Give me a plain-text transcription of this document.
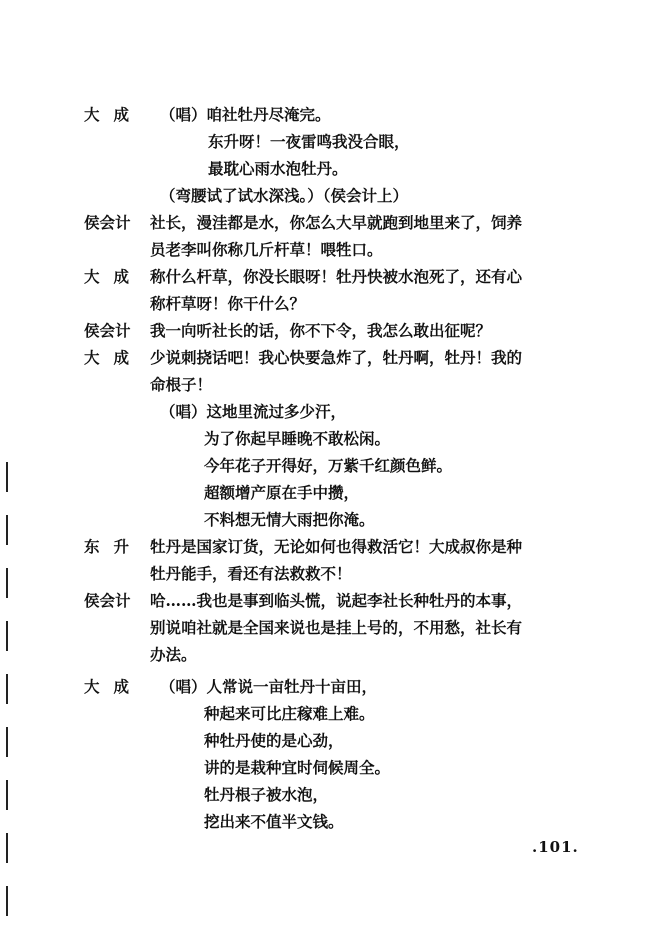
大成 （唱）咱社牡丹尽淹完。
东升呀！一夜雷鸣我没合眼，
最耽心雨水泡牡丹。
（弯腰试了试水深浅。）（侯会计上）
侯会计 社长，漫洼都是水，你怎么大早就跑到地里来了，饲养
员老李叫你称几斤杆草！喂牲口。
大成 称什么杆草，你没长眼呀！牡丹快被水泡死了，还有心
称杆草呀！你干什么？
侯会计 我一向听社长的话，你不下令，我怎么敢出征呢？
大成 少说刺挠话吧！我心快要急炸了，牡丹啊，牡丹！我的
命根子！
（唱）这地里流过多少汗，
为了你起早睡晚不敢松闲。
今年花子开得好，万紫千红颜色鲜。
超额增产原在手中攒，
不料想无情大雨把你淹。
东升 牡丹是国家订货，无论如何也得救活它！大成叔你是种
牡丹能手，看还有法救救不！
侯会计 哈……我也是事到临头慌，说起李社长种牡丹的本事，
别说咱社就是全国来说也是挂上号的，不用愁，社长有
办法。
大成 （唱）人常说一亩牡丹十亩田，
种起来可比庄稼难上难。
种牡丹使的是心劲，
讲的是栽种宜时伺候周全。
牡丹根子被水泡，
挖出来不值半文钱。
.101.
